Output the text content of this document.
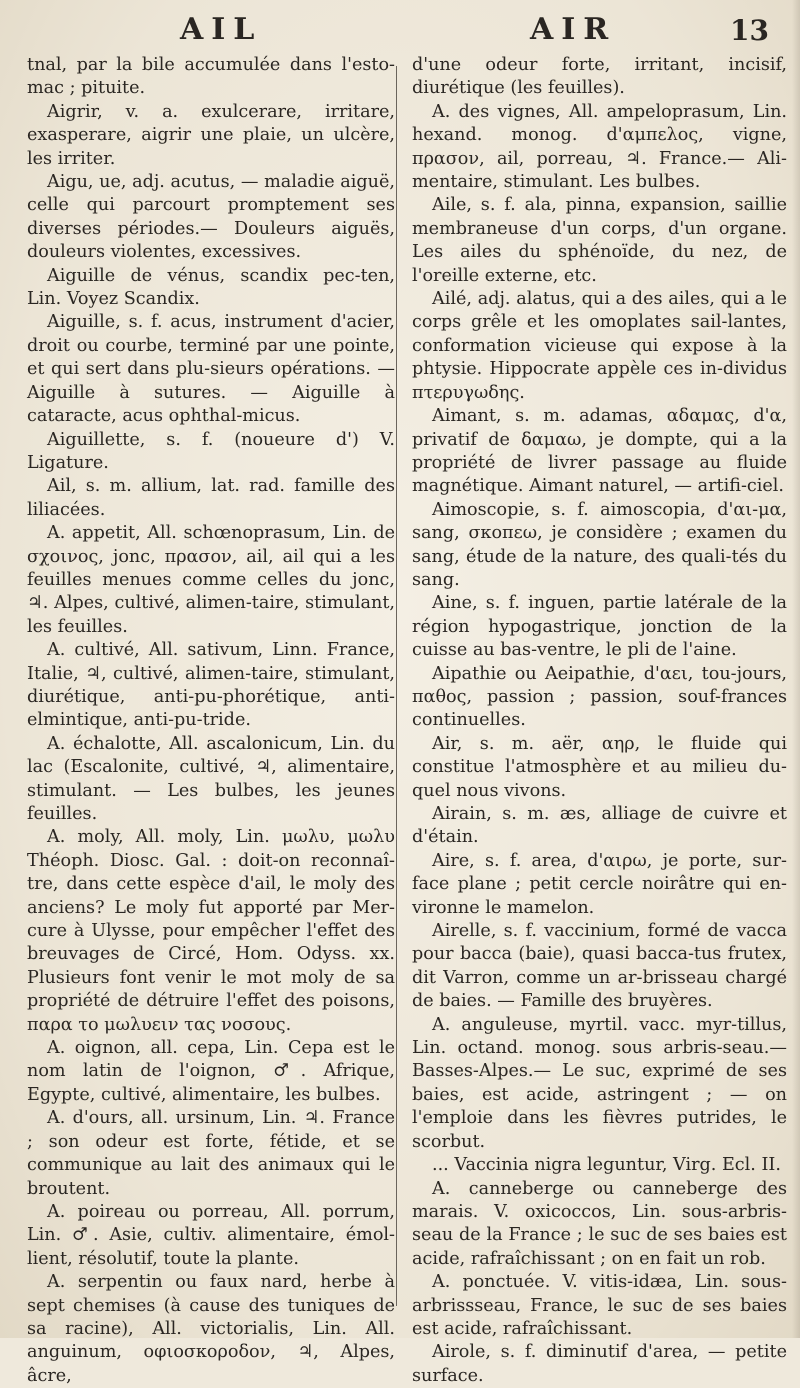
AIL	AIR	13

tnal, par la bile accumulée dans l'esto-mac ; pituite.

Aigrir, v. a. exulcerare, irritare, exasperare, aigrir une plaie, un ulcère, les irriter.

Aigu, ue, adj. acutus, — maladie aiguë, celle qui parcourt promptement ses diverses périodes.— Douleurs aiguës, douleurs violentes, excessives.

Aiguille de vénus, scandix pec-ten, Lin. Voyez Scandix.

Aiguille, s. f. acus, instrument d'acier, droit ou courbe, terminé par une pointe, et qui sert dans plu-sieurs opérations. — Aiguille à sutures. — Aiguille à cataracte, acus ophthal-micus.

Aiguillette, s. f. (noueure d') V. Ligature.

Ail, s. m. allium, lat. rad. famille des liliacées.

A. appetit, All. schœnoprasum, Lin. de σχοινος, jonc, πρασον, ail, ail qui a les feuilles menues comme celles du jonc, ♃. Alpes, cultivé, alimen-taire, stimulant, les feuilles.

A. cultivé, All. sativum, Linn. France, Italie, ♃, cultivé, alimen-taire, stimulant, diurétique, anti-pu-phorétique, anti-elmintique, anti-pu-tride.

A. échalotte, All. ascalonicum, Lin. du lac (Escalonite, cultivé, ♃, alimentaire, stimulant. — Les bulbes, les jeunes feuilles.

A. moly, All. moly, Lin. μωλυ, μωλυ Théoph. Diosc. Gal. : doit-on reconnaî-tre, dans cette espèce d'ail, le moly des anciens? Le moly fut apporté par Mer-cure à Ulysse, pour empêcher l'effet des breuvages de Circé, Hom. Odyss. xx. Plusieurs font venir le mot moly de sa propriété de détruire l'effet des poisons, παρα το μωλυειν τας νοσους.

A. oignon, all. cepa, Lin. Cepa est le nom latin de l'oignon, ♂. Afrique, Egypte, cultivé, alimentaire, les bulbes.

A. d'ours, all. ursinum, Lin. ♃. France ; son odeur est forte, fétide, et se communique au lait des animaux qui le broutent.

A. poireau ou porreau, All. porrum, Lin. ♂. Asie, cultiv. alimentaire, émol-lient, résolutif, toute la plante.

A. serpentin ou faux nard, herbe à sept chemises (à cause des tuniques de sa racine), All. victorialis, Lin. All. anguinum, οφιοσκοροδον, ♃, Alpes, âcre,

d'une odeur forte, irritant, incisif, diurétique (les feuilles).

A. des vignes, All. ampeloprasum, Lin. hexand. monog. d'αμπελος, vigne, πρασον, ail, porreau, ♃. France.— Ali-mentaire, stimulant. Les bulbes.

Aile, s. f. ala, pinna, expansion, saillie membraneuse d'un corps, d'un organe. Les ailes du sphénoïde, du nez, de l'oreille externe, etc.

Ailé, adj. alatus, qui a des ailes, qui a le corps grêle et les omoplates sail-lantes, conformation vicieuse qui expose à la phtysie. Hippocrate appèle ces in-dividus πτερυγωδης.

Aimant, s. m. adamas, αδαμας, d'α, privatif de δαμαω, je dompte, qui a la propriété de livrer passage au fluide magnétique. Aimant naturel, — artifi-ciel.

Aimoscopie, s. f. aimoscopia, d'αι-μα, sang, σκοπεω, je considère ; examen du sang, étude de la nature, des quali-tés du sang.

Aine, s. f. inguen, partie latérale de la région hypogastrique, jonction de la cuisse au bas-ventre, le pli de l'aine.

Aipathie ou Aeipathie, d'αει, tou-jours, παθος, passion ; passion, souf-frances continuelles.

Air, s. m. aër, αηρ, le fluide qui constitue l'atmosphère et au milieu du-quel nous vivons.

Airain, s. m. æs, alliage de cuivre et d'étain.

Aire, s. f. area, d'αιρω, je porte, sur-face plane ; petit cercle noirâtre qui en-vironne le mamelon.

Airelle, s. f. vaccinium, formé de vacca pour bacca (baie), quasi bacca-tus frutex, dit Varron, comme un ar-brisseau chargé de baies. — Famille des bruyères.

A. anguleuse, myrtil. vacc. myr-tillus, Lin. octand. monog. sous arbris-seau.— Basses-Alpes.— Le suc, exprimé de ses baies, est acide, astringent ; — on l'emploie dans les fièvres putrides, le scorbut.

... Vaccinia nigra leguntur, Virg. Ecl. II.

A. canneberge ou canneberge des marais. V. oxicoccos, Lin. sous-arbris-seau de la France ; le suc de ses baies est acide, rafraîchissant ; on en fait un rob.

A. ponctuée. V. vitis-idæa, Lin. sous-arbrissseau, France, le suc de ses baies est acide, rafraîchissant.

Airole, s. f. diminutif d'area, — petite surface.
